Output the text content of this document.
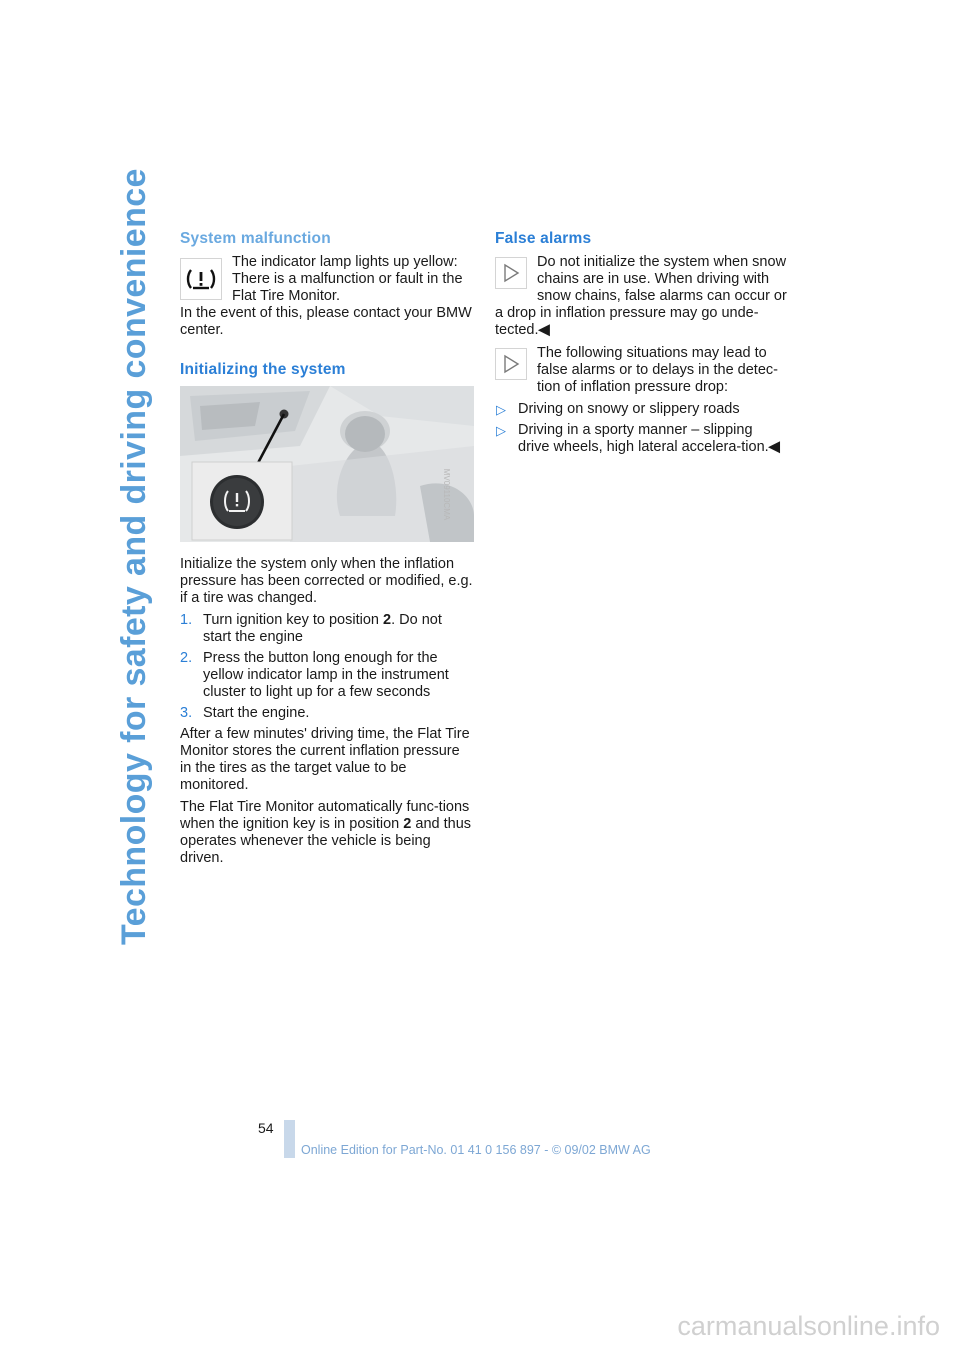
Technology for safety and driving convenience System malfunction

The indicator lamp lights up yellow: There is a malfunction or fault in the Flat Tire Monitor.

In the event of this, please contact your BMW center.

Initializing the system
MV09110CMA

Initialize the system only when the inflation pressure has been corrected or modified, e.g. if a tire was changed.

1. Turn ignition key to position 2. Do not start the engine
2. Press the button long enough for the yellow indicator lamp in the instrument cluster to light up for a few seconds
3. Start the engine.

After a few minutes' driving time, the Flat Tire Monitor stores the current inflation pressure in the tires as the target value to be monitored.

The Flat Tire Monitor automatically func-tions when the ignition key is in position 2 and thus operates whenever the vehicle is being driven.

False alarms

Do not initialize the system when snow chains are in use. When driving with snow chains, false alarms can occur or a drop in inflation pressure may go unde-tected.◀

The following situations may lead to false alarms or to delays in the detec-tion of inflation pressure drop:

▷ Driving on snowy or slippery roads
▷ Driving in a sporty manner – slipping drive wheels, high lateral accelera-tion.◀
54
Online Edition for Part-No. 01 41 0 156 897 - © 09/02 BMW AG
carmanualsonline.info
